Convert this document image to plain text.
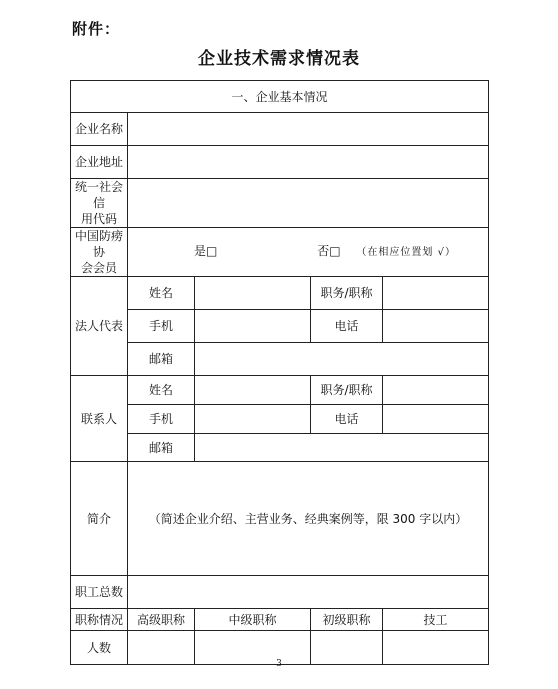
附件：
企业技术需求情况表
一、企业基本情况				
企业名称				
企业地址				

统一社会信
用代码				

中国防痨协
会会员	是□ 否□ （在相应位置划 √）			
法人代表	姓名		职务/职称	
	手机		电话	
	邮箱			
联系人	姓名		职务/职称	
	手机		电话	
	邮箱			
简介	（简述企业介绍、主营业务、经典案例等，限 300 字以内）			
职工总数				
职称情况	高级职称	中级职称	初级职称	技工
人数				
3
